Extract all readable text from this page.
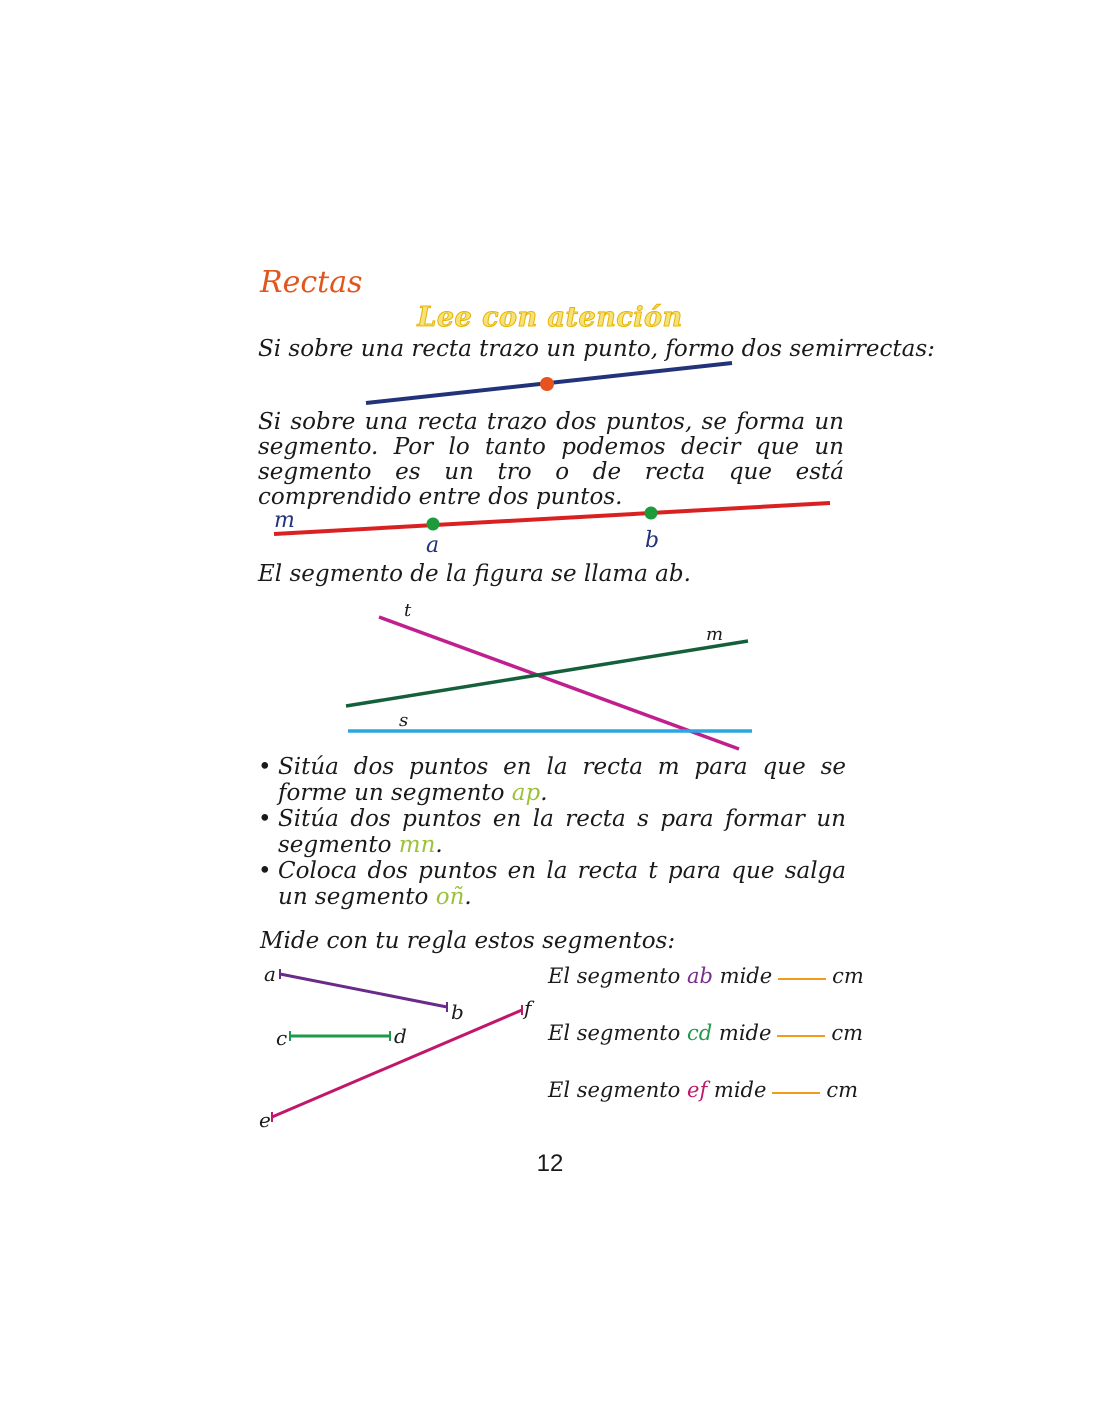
Rectas
Lee con atención
Si sobre una recta trazo un punto, formo dos semirrectas:
Si sobre una recta trazo dos puntos, se forma un segmento. Por lo tanto podemos decir que un segmento es un tro o de recta que está comprendido entre dos puntos.
m
a	b
El segmento de la figura se llama ab.
t
m
s
• Sitúa dos puntos en la recta m para que se forme un segmento ap.
• Sitúa dos puntos en la recta s para formar un segmento mn.
• Coloca dos puntos en la recta t para que salga un segmento oñ.
Mide con tu regla estos segmentos:
a
b
c	d
e
f
El segmento ab mide	cm
El segmento cd mide	cm
El segmento ef mide	cm
12
